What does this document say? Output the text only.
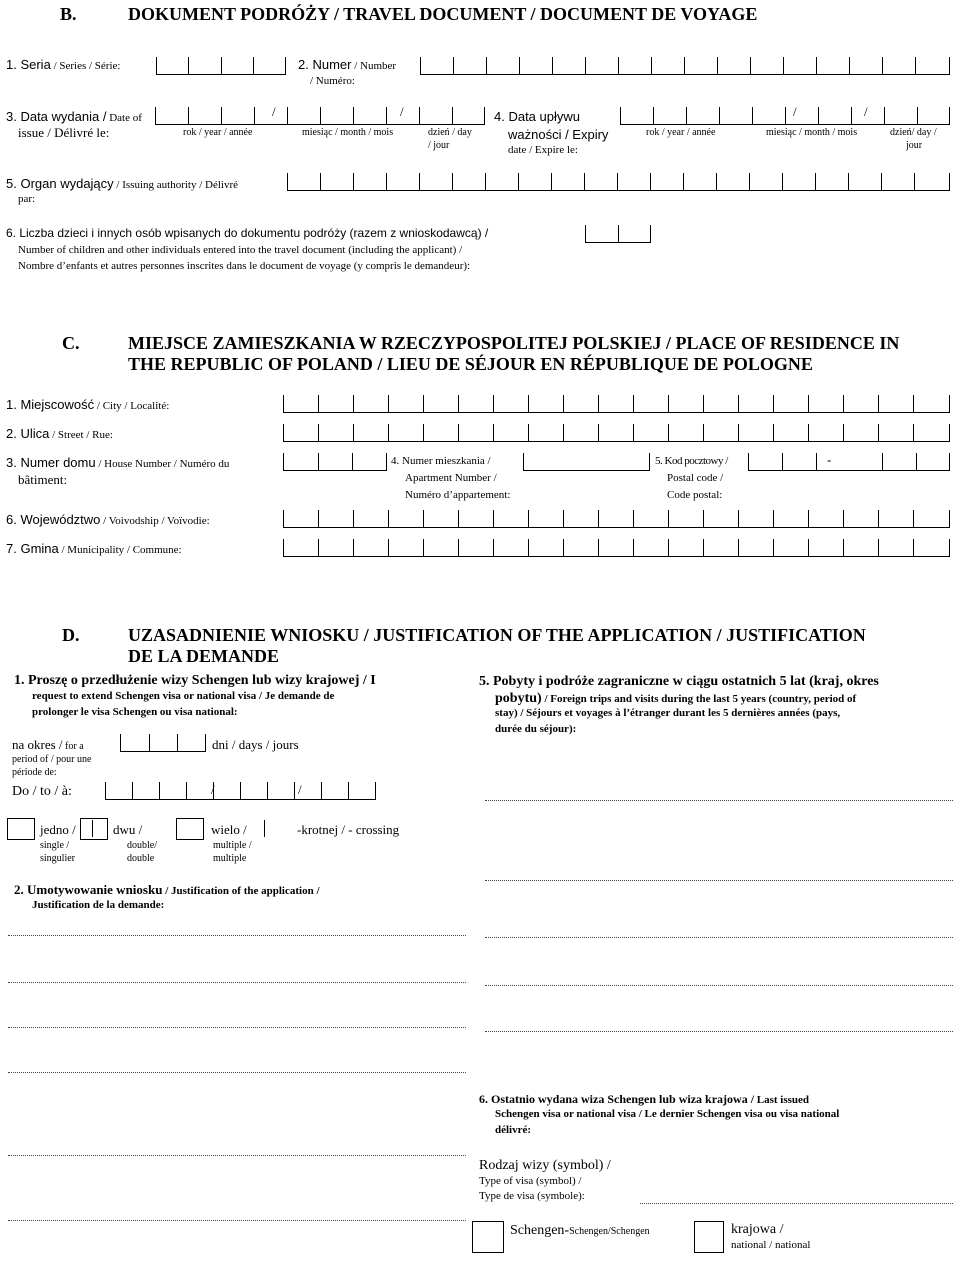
B.	DOKUMENT PODRÓŻY / TRAVEL DOCUMENT / DOCUMENT DE VOYAGE
1. Seria / Series / Série:	2. Numer / Number
/ Numéro:
3. Data wydania / Date of
issue / Délivré le:
/	/
rok / year / année	miesiąc / month / mois	dzień / day
/ jour
4. Data upływu
ważności / Expiry
date / Expire le:
/	/
rok / year / année	miesiąc / month / mois	dzień/ day /
jour
5. Organ wydający / Issuing authority / Délivré
par:
6. Liczba dzieci i innych osób wpisanych do dokumentu podróży (razem z wnioskodawcą) /
Number of children and other individuals entered into the travel document (including the applicant) /
Nombre d’enfants et autres personnes inscrites dans le document de voyage (y compris le demandeur):
C.	MIEJSCE ZAMIESZKANIA W RZECZYPOSPOLITEJ POLSKIEJ / PLACE OF RESIDENCE IN
THE REPUBLIC OF POLAND / LIEU DE SÉJOUR EN RÉPUBLIQUE DE POLOGNE
1. Miejscowość / City / Localité:
2. Ulica / Street / Rue:
3. Numer domu / House Number / Numéro du
bâtiment:
4. Numer mieszkania /
Apartment Number /
Numéro d’appartement:
5. Kod pocztowy /
Postal code /
Code postal:
-
6. Województwo / Voivodship / Voïvodie:
7. Gmina / Municipality / Commune:
D.	UZASADNIENIE WNIOSKU / JUSTIFICATION OF THE APPLICATION / JUSTIFICATION
DE LA DEMANDE
1. Proszę o przedłużenie wizy Schengen lub wizy krajowej / I
request to extend Schengen visa or national visa / Je demande de
prolonger le visa Schengen ou visa national:
na okres / for a
period of / pour une
période de:
dni / days / jours
Do / to / à:	/	/
jedno /
single /
singulier
dwu /
double/
double
wielo /
multiple /
multiple
-krotnej / - crossing
2. Umotywowanie wniosku / Justification of the application /
Justification de la demande:
5. Pobyty i podróże zagraniczne w ciągu ostatnich 5 lat (kraj, okres
pobytu) / Foreign trips and visits during the last 5 years (country, period of
stay) / Séjours et voyages à l’étranger durant les 5 dernières années (pays,
durée du séjour):
6. Ostatnio wydana wiza Schengen lub wiza krajowa / Last issued
Schengen visa or national visa / Le dernier Schengen visa ou visa national
délivré:
Rodzaj wizy (symbol) /
Type of visa (symbol) /
Type de visa (symbole):
Schengen-Schengen/Schengen	krajowa /
national / national
